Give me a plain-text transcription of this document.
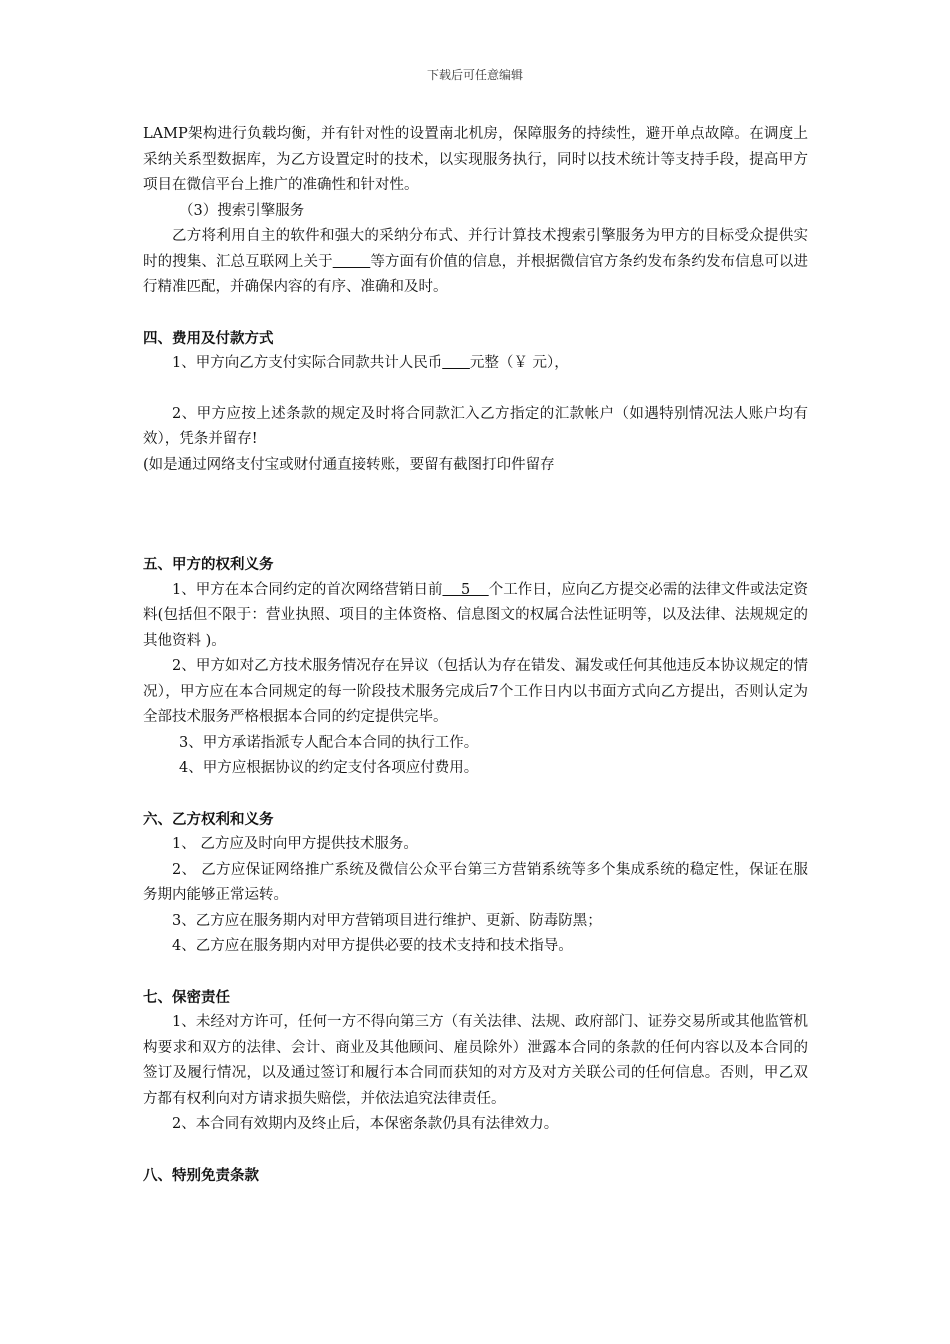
下载后可任意编辑

LAMP架构进行负载均衡，并有针对性的设置南北机房，保障服务的持续性，避开单点故障。在调度上采纳关系型数据库，为乙方设置定时的技术，以实现服务执行，同时以技术统计等支持手段，提高甲方项目在微信平台上推广的准确性和针对性。

（3）搜索引擎服务

乙方将利用自主的软件和强大的采纳分布式、并行计算技术搜索引擎服务为甲方的目标受众提供实时的搜集、汇总互联网上关于	等方面有价值的信息，并根据微信官方条约发布条约发布信息可以进行精准匹配，并确保内容的有序、准确和及时。

四、费用及付款方式

1、甲方向乙方支付实际合同款共计人民币 元整（￥ 元），

2、甲方应按上述条款的规定及时将合同款汇入乙方指定的汇款帐户（如遇特别情况法人账户均有效），凭条并留存!

(如是通过网络支付宝或财付通直接转账，要留有截图打印件留存

五、甲方的权利义务

1、甲方在本合同约定的首次网络营销日前    5    个工作日，应向乙方提交必需的法律文件或法定资料(包括但不限于：营业执照、项目的主体资格、信息图文的权属合法性证明等，以及法律、法规规定的其他资料 )。

2、甲方如对乙方技术服务情况存在异议（包括认为存在错发、漏发或任何其他违反本协议规定的情况），甲方应在本合同规定的每一阶段技术服务完成后7个工作日内以书面方式向乙方提出，否则认定为全部技术服务严格根据本合同的约定提供完毕。

3、甲方承诺指派专人配合本合同的执行工作。

4、甲方应根据协议的约定支付各项应付费用。

六、乙方权利和义务

1、 乙方应及时向甲方提供技术服务。

2、 乙方应保证网络推广系统及微信公众平台第三方营销系统等多个集成系统的稳定性，保证在服务期内能够正常运转。

3、乙方应在服务期内对甲方营销项目进行维护、更新、防毒防黑；

4、乙方应在服务期内对甲方提供必要的技术支持和技术指导。

七、保密责任

1、未经对方许可，任何一方不得向第三方（有关法律、法规、政府部门、证券交易所或其他监管机构要求和双方的法律、会计、商业及其他顾问、雇员除外）泄露本合同的条款的任何内容以及本合同的签订及履行情况，以及通过签订和履行本合同而获知的对方及对方关联公司的任何信息。否则，甲乙双方都有权利向对方请求损失赔偿，并依法追究法律责任。

2、本合同有效期内及终止后，本保密条款仍具有法律效力。

八、特别免责条款
